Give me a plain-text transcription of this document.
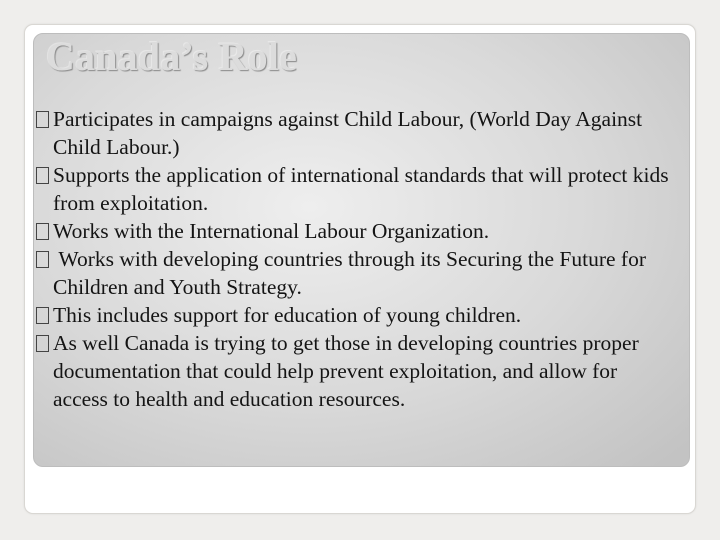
Canada’s Role
Participates in campaigns against Child Labour, (World Day Against Child Labour.)
Supports the application of international standards that will protect kids from exploitation.
Works with the International Labour Organization.
Works with developing countries through its Securing the Future for Children and Youth Strategy.
This includes support for education of young children.
As well Canada is trying to get those in developing countries proper documentation that could help prevent exploitation, and allow for access to health and education resources.
